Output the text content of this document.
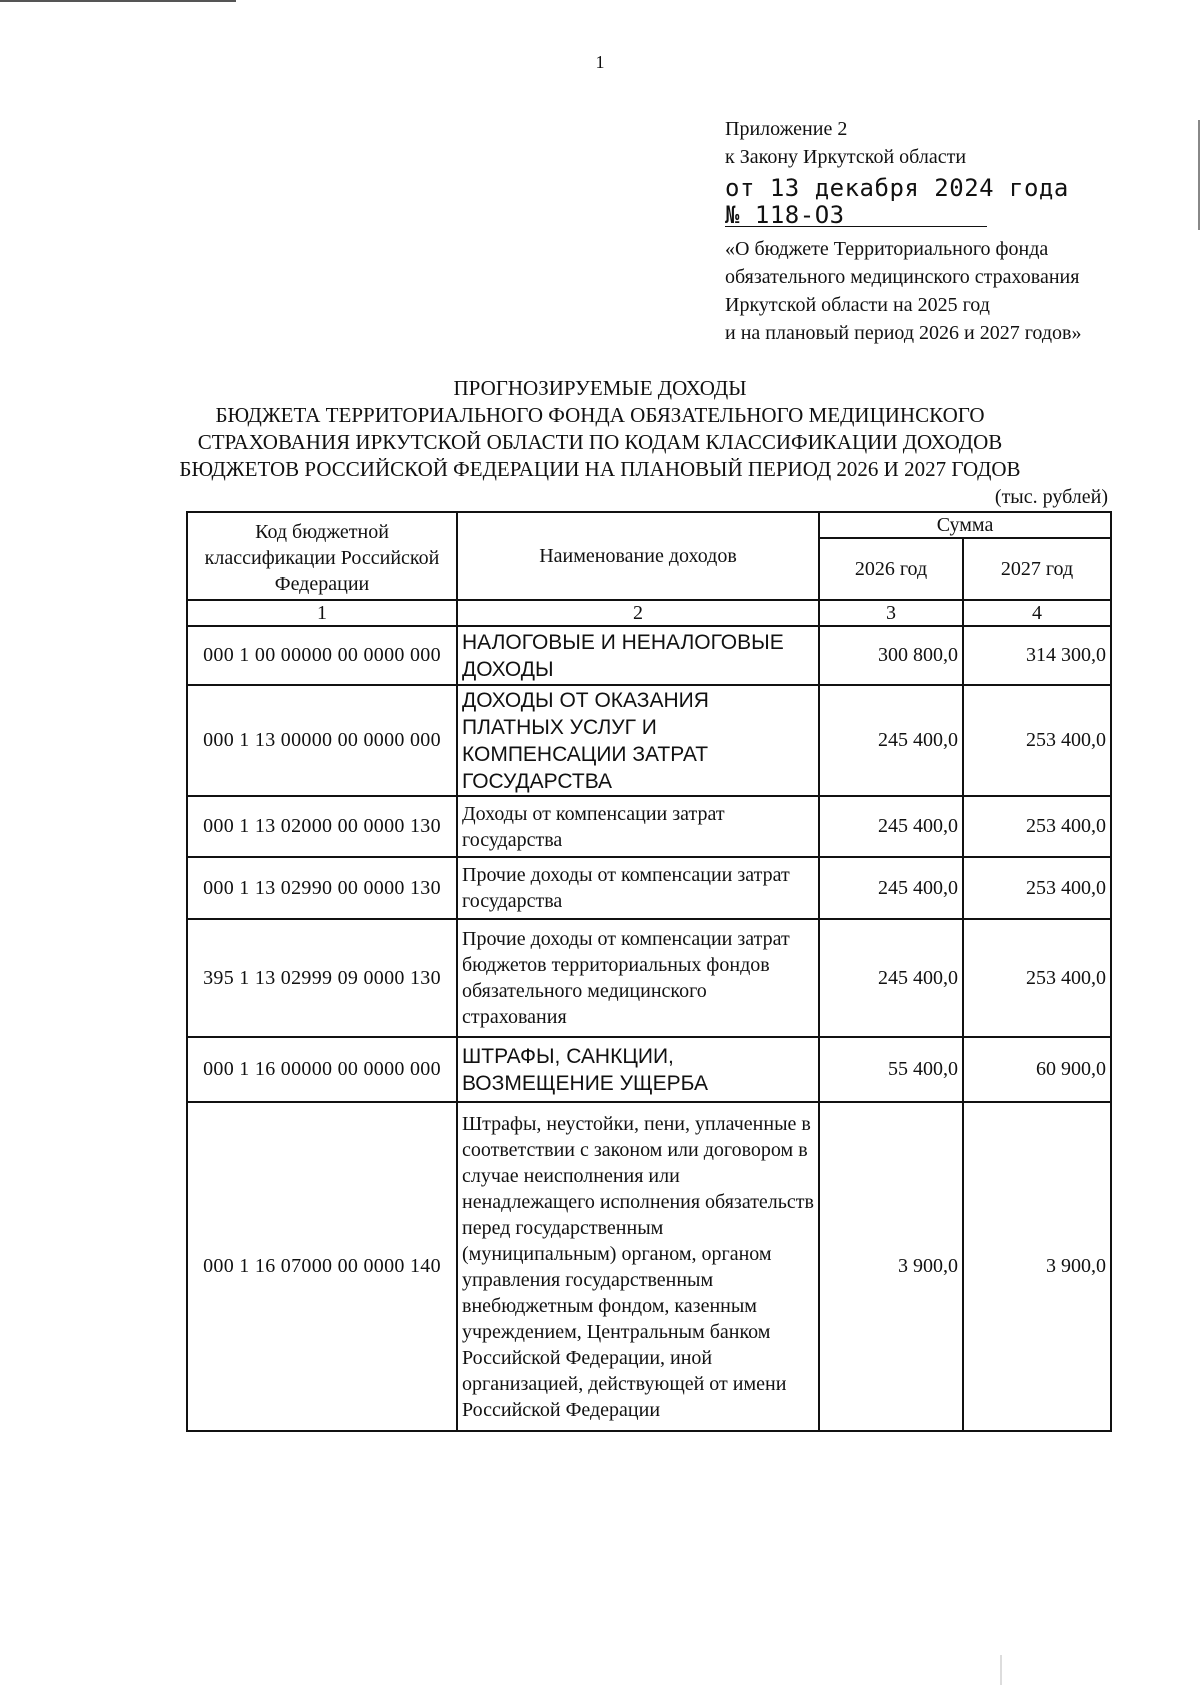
1
Приложение 2
к Закону Иркутской области
от 13 декабря 2024 года
№ 118-ОЗ
«О бюджете Территориального фонда
обязательного медицинского страхования
Иркутской области на 2025 год
и на плановый период 2026 и 2027 годов»
ПРОГНОЗИРУЕМЫЕ ДОХОДЫ
БЮДЖЕТА ТЕРРИТОРИАЛЬНОГО ФОНДА ОБЯЗАТЕЛЬНОГО МЕДИЦИНСКОГО
СТРАХОВАНИЯ ИРКУТСКОЙ ОБЛАСТИ ПО КОДАМ КЛАССИФИКАЦИИ ДОХОДОВ
БЮДЖЕТОВ РОССИЙСКОЙ ФЕДЕРАЦИИ НА ПЛАНОВЫЙ ПЕРИОД 2026 И 2027 ГОДОВ
(тыс. рублей)
Код бюджетной классификации Российской Федерации	Наименование доходов	Сумма	
		2026 год	2027 год
1	2	3	4
000 1 00 00000 00 0000 000	НАЛОГОВЫЕ И НЕНАЛОГОВЫЕ ДОХОДЫ	300 800,0	314 300,0
000 1 13 00000 00 0000 000	ДОХОДЫ ОТ ОКАЗАНИЯ ПЛАТНЫХ УСЛУГ И КОМПЕНСАЦИИ ЗАТРАТ ГОСУДАРСТВА	245 400,0	253 400,0
000 1 13 02000 00 0000 130	Доходы от компенсации затрат государства	245 400,0	253 400,0
000 1 13 02990 00 0000 130	Прочие доходы от компенсации затрат государства	245 400,0	253 400,0
395 1 13 02999 09 0000 130	Прочие доходы от компенсации затрат бюджетов территориальных фондов обязательного медицинского страхования	245 400,0	253 400,0
000 1 16 00000 00 0000 000	ШТРАФЫ, САНКЦИИ, ВОЗМЕЩЕНИЕ УЩЕРБА	55 400,0	60 900,0
000 1 16 07000 00 0000 140	Штрафы, неустойки, пени, уплаченные в соответствии с законом или договором в случае неисполнения или ненадлежащего исполнения обязательств перед государственным (муниципальным) органом, органом управления государственным внебюджетным фондом, казенным учреждением, Центральным банком Российской Федерации, иной организацией, действующей от имени Российской Федерации	3 900,0	3 900,0
